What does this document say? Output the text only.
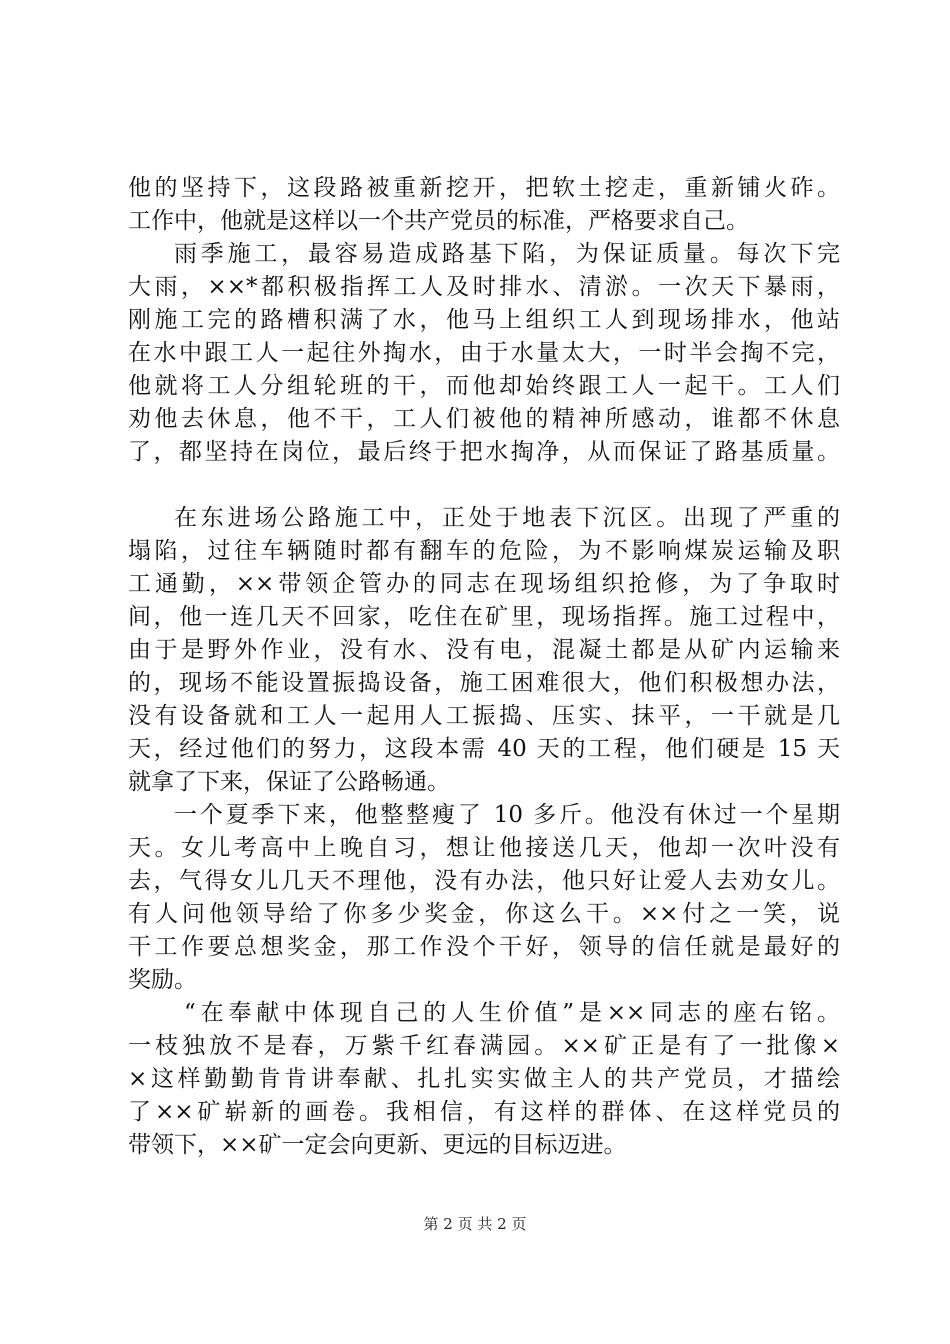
他的坚持下，这段路被重新挖开，把软土挖走，重新铺火砟。
工作中，他就是这样以一个共产党员的标准，严格要求自己。
雨季施工，最容易造成路基下陷，为保证质量。每次下完
大雨，××*都积极指挥工人及时排水、清淤。一次天下暴雨，
刚施工完的路槽积满了水，他马上组织工人到现场排水，他站
在水中跟工人一起往外掏水，由于水量太大，一时半会掏不完，
他就将工人分组轮班的干，而他却始终跟工人一起干。工人们
劝他去休息，他不干，工人们被他的精神所感动，谁都不休息
了，都坚持在岗位，最后终于把水掏净，从而保证了路基质量。
在东进场公路施工中，正处于地表下沉区。出现了严重的
塌陷，过往车辆随时都有翻车的危险，为不影响煤炭运输及职
工通勤，××带领企管办的同志在现场组织抢修，为了争取时
间，他一连几天不回家，吃住在矿里，现场指挥。施工过程中，
由于是野外作业，没有水、没有电，混凝土都是从矿内运输来
的，现场不能设置振捣设备，施工困难很大，他们积极想办法，
没有设备就和工人一起用人工振捣、压实、抹平，一干就是几
天，经过他们的努力，这段本需 40 天的工程，他们硬是 15 天
就拿了下来，保证了公路畅通。
一个夏季下来，他整整瘦了 10 多斤。他没有休过一个星期
天。女儿考高中上晚自习，想让他接送几天，他却一次叶没有
去，气得女儿几天不理他，没有办法，他只好让爱人去劝女儿。
有人问他领导给了你多少奖金，你这么干。××付之一笑，说
干工作要总想奖金，那工作没个干好，领导的信任就是最好的
奖励。
“在奉献中体现自己的人生价值”是××同志的座右铭。
一枝独放不是春，万紫千红春满园。××矿正是有了一批像×
×这样勤勤肯肯讲奉献、扎扎实实做主人的共产党员，才描绘
了××矿崭新的画卷。我相信，有这样的群体、在这样党员的
带领下，××矿一定会向更新、更远的目标迈进。
第 2 页 共 2 页
